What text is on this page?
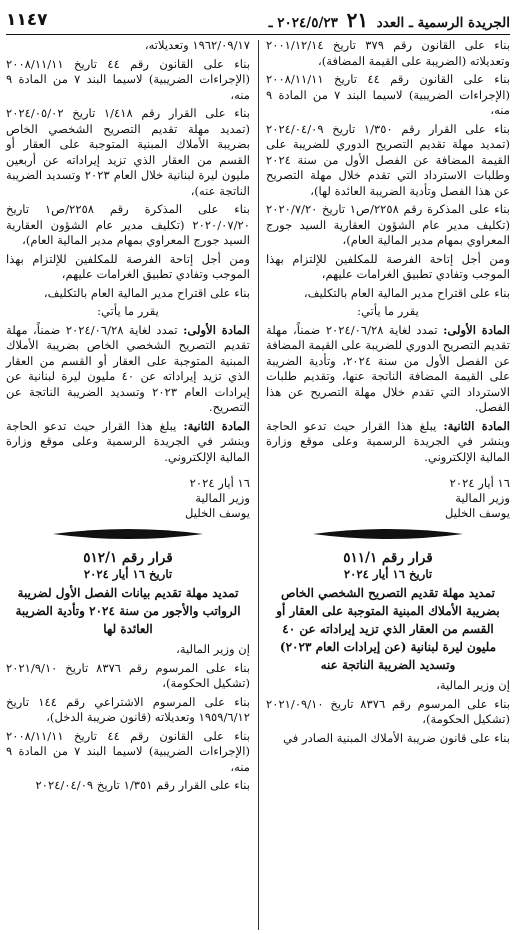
الجريدة الرسمية ـ العدد ٢١ ٢٠٢٤/٥/٢٣ ـ
١١٤٧

بناء على القانون رقم ٣٧٩ تاريخ ٢٠٠١/١٢/١٤ وتعديلاته (الضريبة على القيمة المضافة)،

بناء على القانون رقم ٤٤ تاريخ ٢٠٠٨/١١/١١ (الإجراءات الضريبية) لاسيما البند ٧ من المادة ٩ منه،

بناء على القرار رقم ١/٣٥٠ تاريخ ٢٠٢٤/٠٤/٠٩ (تمديد مهلة تقديم التصريح الدوري للضريبة على القيمة المضافة عن الفصل الأول من سنة ٢٠٢٤ وطلبات الاسترداد التي تقدم خلال مهلة التصريح عن هذا الفصل وتأدية الضريبة العائدة لها)،

بناء على المذكرة رقم ٢٢٥٨/ص١ تاريخ ٢٠٢٠/٧/٢٠ (تكليف مدير عام الشؤون العقارية السيد جورج المعراوي بمهام مدير المالية العام)،

ومن أجل إتاحة الفرصة للمكلفين للإلتزام بهذا الموجب وتفادي تطبيق الغرامات عليهم،

بناء على اقتراح مدير المالية العام بالتكليف،

يقرر ما يأتي:

المادة الأولى: تمدد لغاية ٢٠٢٤/٠٦/٢٨ ضمناً، مهلة تقديم التصريح الدوري للضريبة على القيمة المضافة عن الفصل الأول من سنة ٢٠٢٤، وتأدية الضريبة على القيمة المضافة الناتجة عنها، وتقديم طلبات الاسترداد التي تقدم خلال مهلة التصريح عن هذا الفصل.

المادة الثانية: يبلغ هذا القرار حيث تدعو الحاجة وينشر في الجريدة الرسمية وعلى موقع وزارة المالية الإلكتروني.

١٦ أيار ٢٠٢٤

وزير المالية

يوسف الخليل

قرار رقم ٥١١/١
تاريخ ١٦ أيار ٢٠٢٤
تمديد مهلة تقديم التصريح الشخصي الخاص بضريبة الأملاك المبنية المتوجبة على العقار أو القسم من العقار الذي تزيد إيراداته عن ٤٠ مليون ليرة لبنانية (عن إيرادات العام ٢٠٢٣) وتسديد الضريبة الناتجة عنه

إن وزير المالية،

بناء على المرسوم رقم ٨٣٧٦ تاريخ ٢٠٢١/٠٩/١٠ (تشكيل الحكومة)،

بناء على قانون ضريبة الأملاك المبنية الصادر في

١٩٦٢/٠٩/١٧ وتعديلاته،

بناء على القانون رقم ٤٤ تاريخ ٢٠٠٨/١١/١١ (الإجراءات الضريبية) لاسيما البند ٧ من المادة ٩ منه،

بناء على القرار رقم ١/٤١٨ تاريخ ٢٠٢٤/٠٥/٠٢ (تمديد مهلة تقديم التصريح الشخصي الخاص بضريبة الأملاك المبنية المتوجبة على العقار أو القسم من العقار الذي تزيد إيراداته عن أربعين مليون ليرة لبنانية خلال العام ٢٠٢٣ وتسديد الضريبة الناتجة عنه)،

بناء على المذكرة رقم ٢٢٥٨/ص١ تاريخ ٢٠٢٠/٠٧/٢٠ (تكليف مدير عام الشؤون العقارية السيد جورج المعراوي بمهام مدير المالية العام)،

ومن أجل إتاحة الفرصة للمكلفين للإلتزام بهذا الموجب وتفادي تطبيق الغرامات عليهم،

بناء على اقتراح مدير المالية العام بالتكليف،

يقرر ما يأتي:

المادة الأولى: تمدد لغاية ٢٠٢٤/٠٦/٢٨ ضمناً، مهلة تقديم التصريح الشخصي الخاص بضريبة الأملاك المبنية المتوجبة على العقار أو القسم من العقار الذي تزيد إيراداته عن ٤٠ مليون ليرة لبنانية عن إيرادات العام ٢٠٢٣ وتسديد الضريبة الناتجة عن التصريح.

المادة الثانية: يبلغ هذا القرار حيث تدعو الحاجة وينشر في الجريدة الرسمية وعلى موقع وزارة المالية الإلكتروني.

١٦ أيار ٢٠٢٤

وزير المالية

يوسف الخليل

قرار رقم ٥١٢/١
تاريخ ١٦ أيار ٢٠٢٤
تمديد مهلة تقديم بيانات الفصل الأول لضريبة الرواتب والأجور من سنة ٢٠٢٤ وتأدية الضريبة العائدة لها

إن وزير المالية،

بناء على المرسوم رقم ٨٣٧٦ تاريخ ٢٠٢١/٩/١٠ (تشكيل الحكومة)،

بناء على المرسوم الاشتراعي رقم ١٤٤ تاريخ ١٩٥٩/٦/١٢ وتعديلاته (قانون ضريبة الدخل)،

بناء على القانون رقم ٤٤ تاريخ ٢٠٠٨/١١/١١ (الإجراءات الضريبية) لاسيما البند ٧ من المادة ٩ منه،

بناء على القرار رقم ١/٣٥١ تاريخ ٢٠٢٤/٠٤/٠٩
